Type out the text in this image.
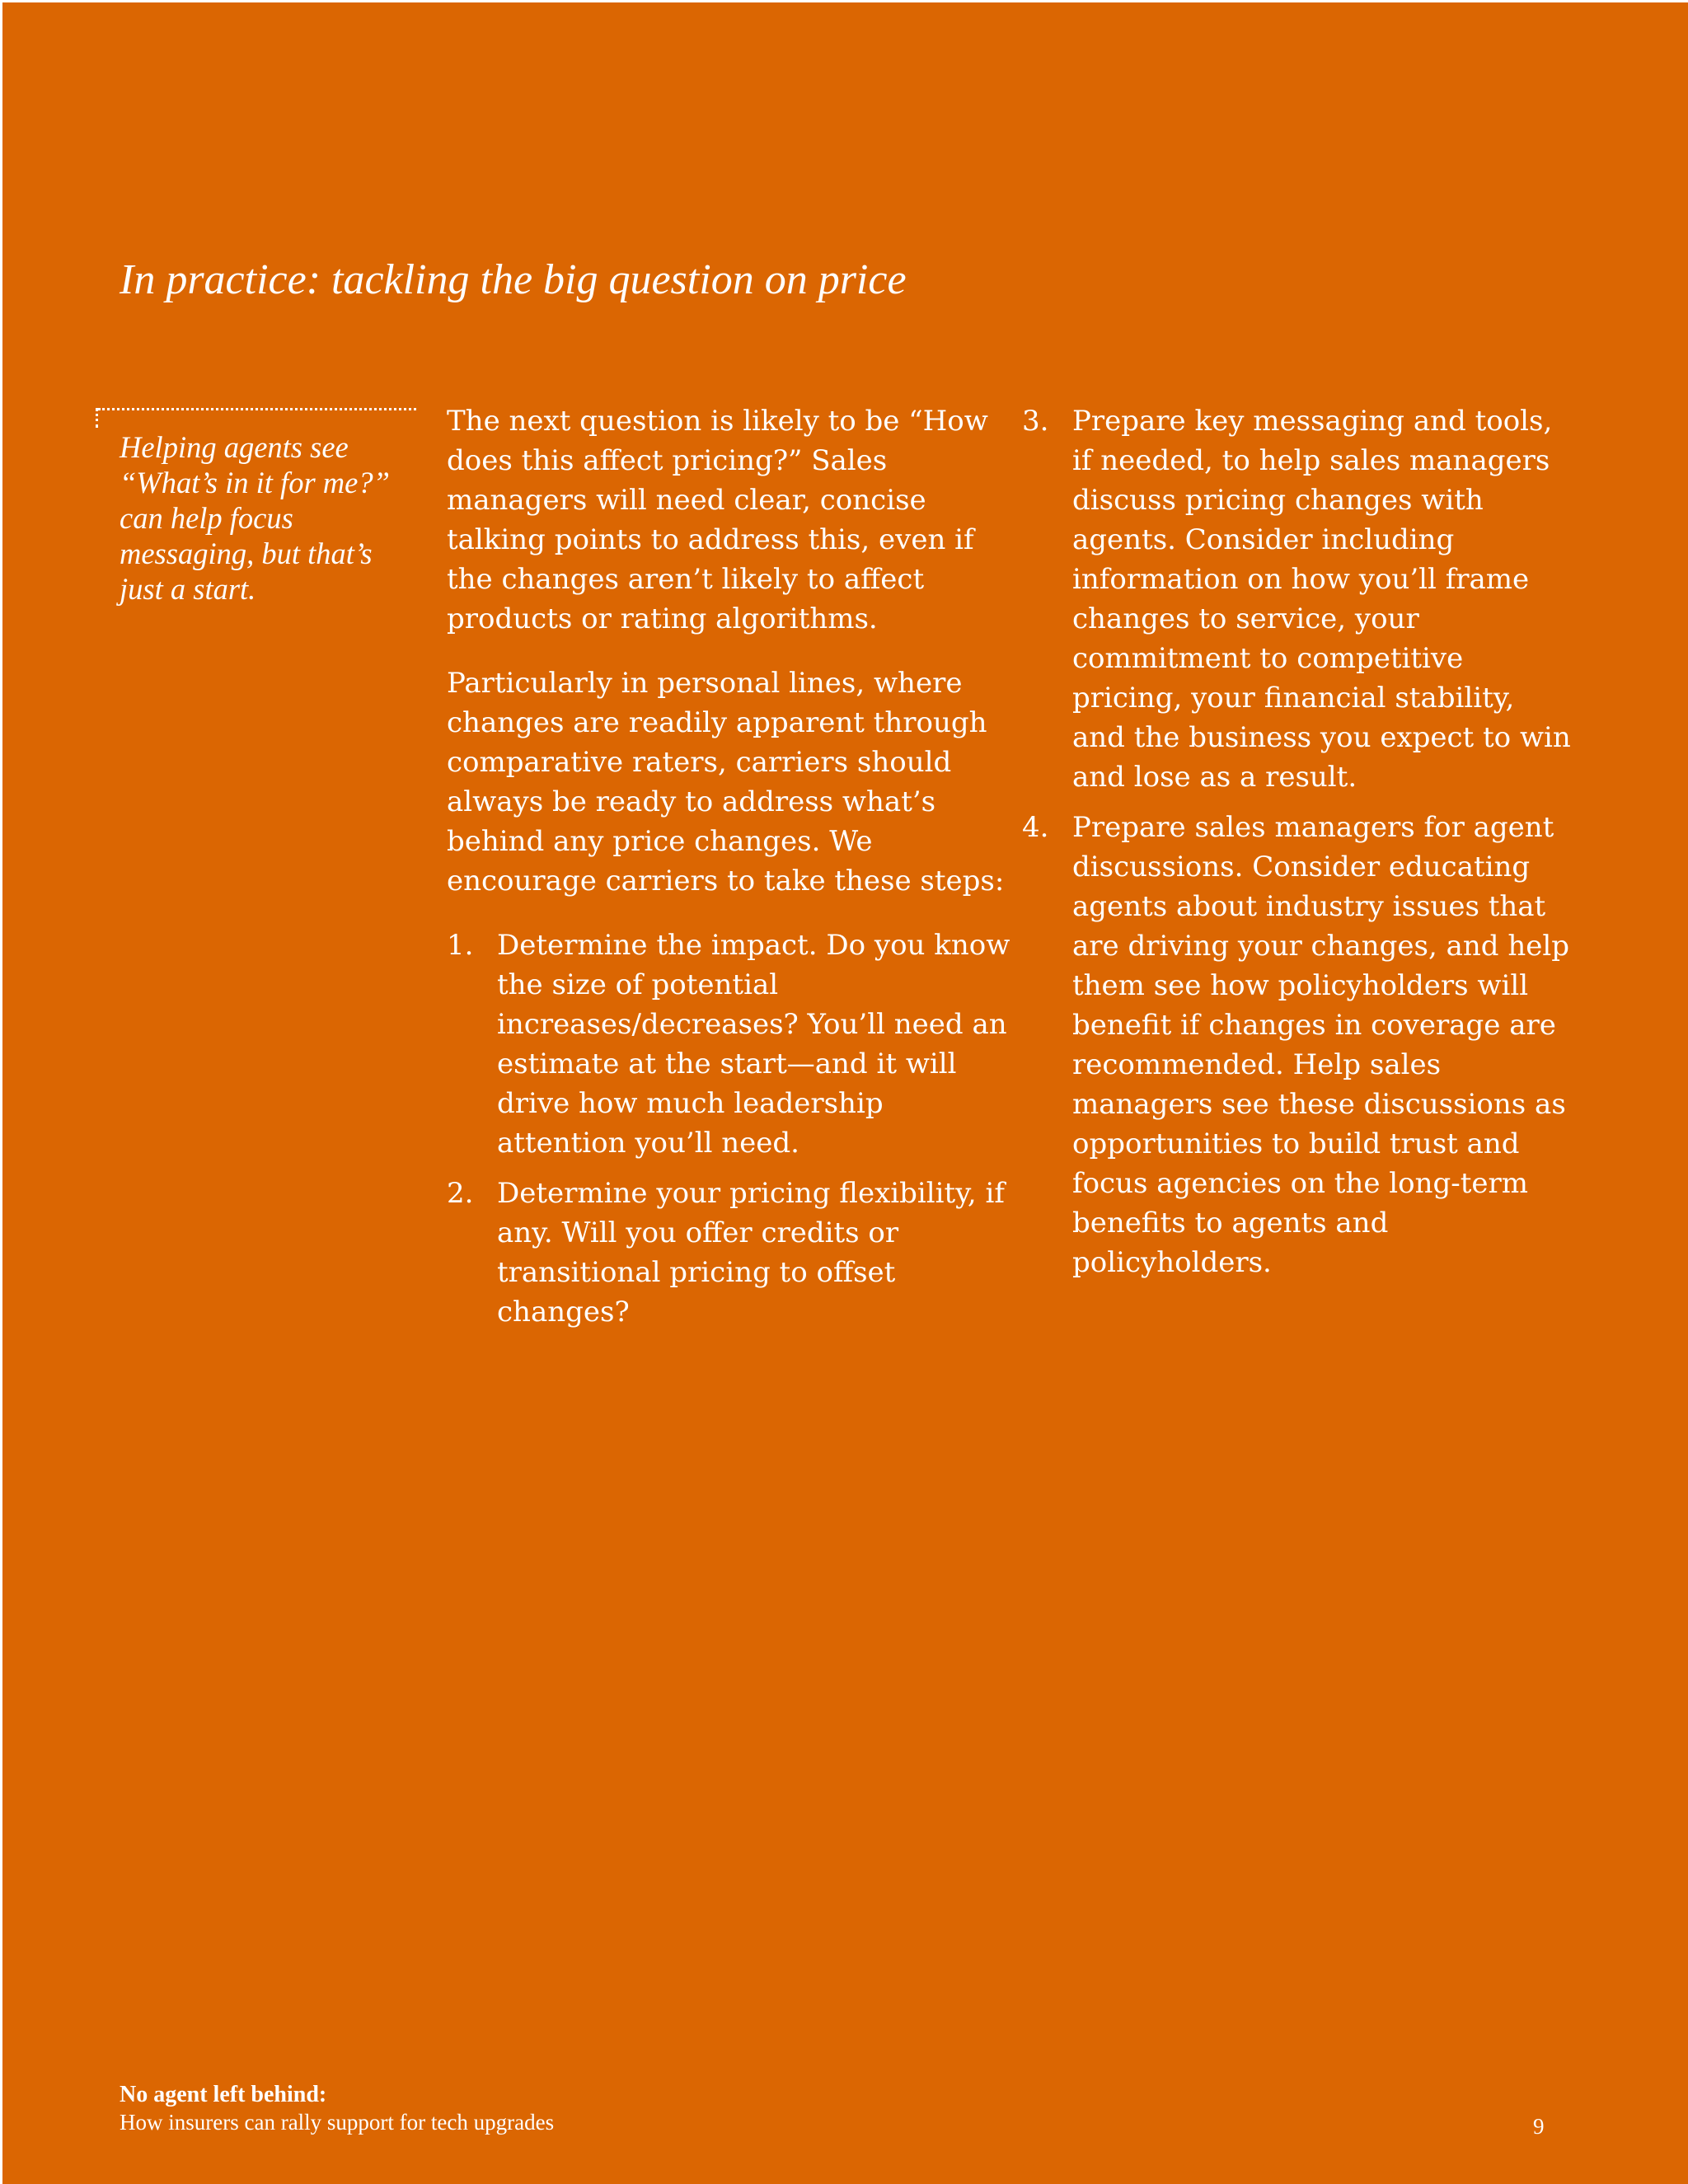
In practice: tackling the big question on price

Helping agents see “What’s in it for me?” can help focus messaging, but that’s just a start.

The next question is likely to be “How does this affect pricing?” Sales managers will need clear, concise talking points to address this, even if the changes aren’t likely to affect products or rating algorithms.

Particularly in personal lines, where changes are readily apparent through comparative raters, carriers should always be ready to address what’s behind any price changes. We encourage carriers to take these steps:

1. Determine the impact. Do you know the size of potential increases/decreases? You’ll need an estimate at the start—and it will drive how much leadership attention you’ll need.
2. Determine your pricing flexibility, if any. Will you offer credits or transitional pricing to offset changes?
3. Prepare key messaging and tools, if needed, to help sales managers discuss pricing changes with agents. Consider including information on how you’ll frame changes to service, your commitment to competitive pricing, your financial stability, and the business you expect to win and lose as a result.
4. Prepare sales managers for agent discussions. Consider educating agents about industry issues that are driving your changes, and help them see how policyholders will benefit if changes in coverage are recommended. Help sales managers see these discussions as opportunities to build trust and focus agencies on the long-term benefits to agents and policyholders.

No agent left behind:

How insurers can rally support for tech upgrades	9
